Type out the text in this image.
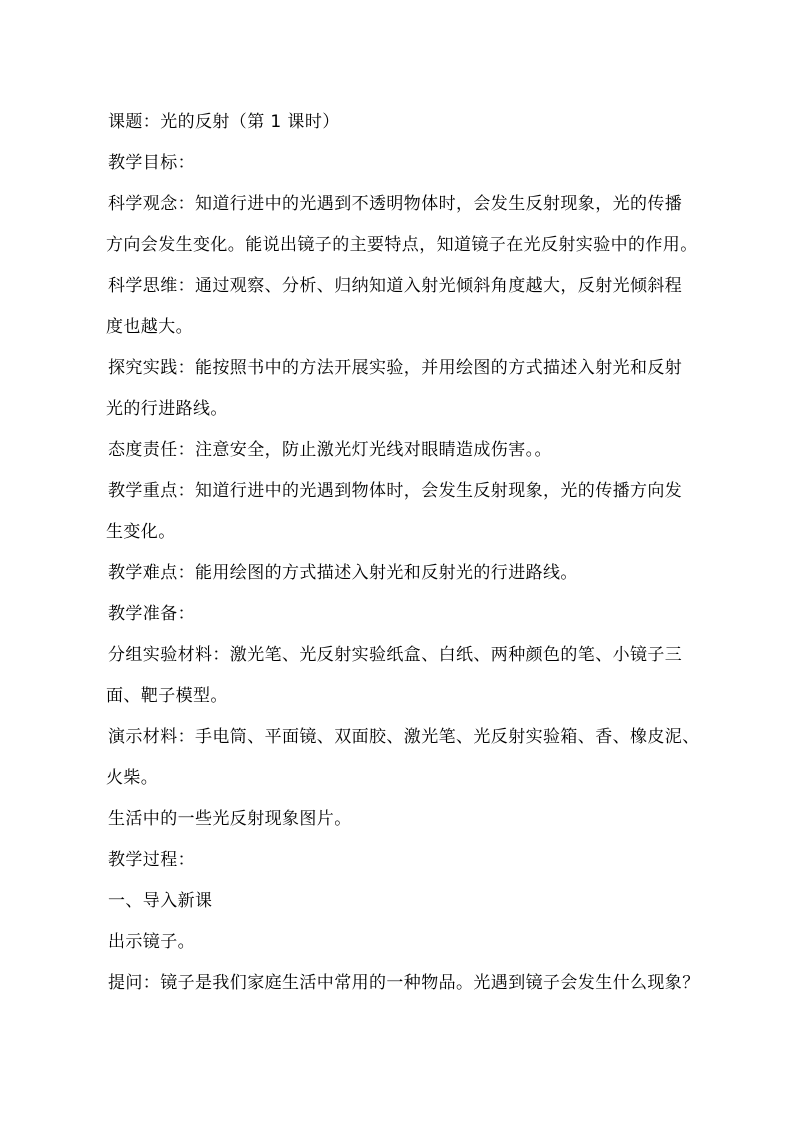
课题：光的反射（第 1 课时）

教学目标：

科学观念：知道行进中的光遇到不透明物体时，会发生反射现象，光的传播

方向会发生变化。能说出镜子的主要特点，知道镜子在光反射实验中的作用。

科学思维：通过观察、分析、归纳知道入射光倾斜角度越大，反射光倾斜程

度也越大。

探究实践：能按照书中的方法开展实验，并用绘图的方式描述入射光和反射

光的行进路线。

态度责任：注意安全，防止激光灯光线对眼睛造成伤害。。

教学重点：知道行进中的光遇到物体时，会发生反射现象，光的传播方向发

生变化。

教学难点：能用绘图的方式描述入射光和反射光的行进路线。

教学准备：

分组实验材料：激光笔、光反射实验纸盒、白纸、两种颜色的笔、小镜子三

面、靶子模型。

演示材料：手电筒、平面镜、双面胶、激光笔、光反射实验箱、香、橡皮泥、

火柴。

生活中的一些光反射现象图片。

教学过程：

一、导入新课

出示镜子。

提问：镜子是我们家庭生活中常用的一种物品。光遇到镜子会发生什么现象？
